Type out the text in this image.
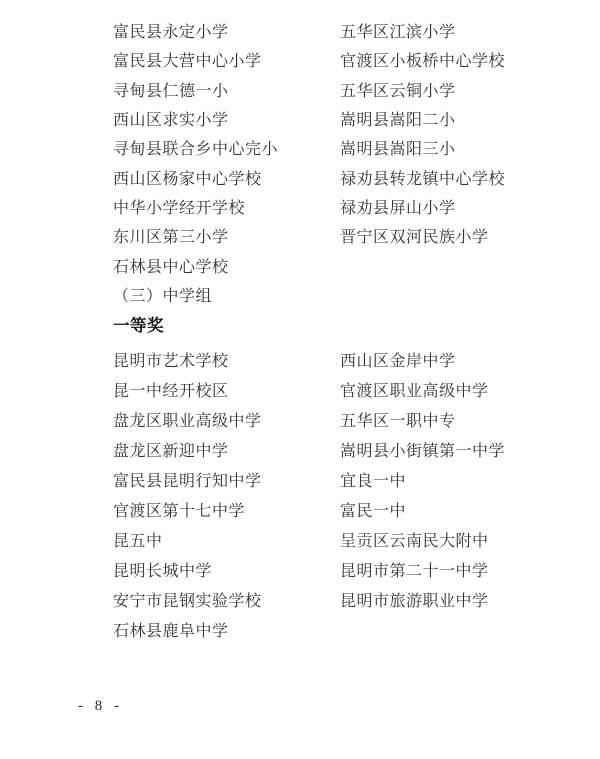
富民县永定小学	五华区江滨小学
富民县大营中心小学	官渡区小板桥中心学校
寻甸县仁德一小	五华区云铜小学
西山区求实小学	嵩明县嵩阳二小
寻甸县联合乡中心完小	嵩明县嵩阳三小
西山区杨家中心学校	禄劝县转龙镇中心学校
中华小学经开学校	禄劝县屏山小学
东川区第三小学	晋宁区双河民族小学
石林县中心学校
（三）中学组
一等奖
昆明市艺术学校	西山区金岸中学
昆一中经开校区	官渡区职业高级中学
盘龙区职业高级中学	五华区一职中专
盘龙区新迎中学	嵩明县小街镇第一中学
富民县昆明行知中学	宜良一中
官渡区第十七中学	富民一中
昆五中	呈贡区云南民大附中
昆明长城中学	昆明市第二十一中学
安宁市昆钢实验学校	昆明市旅游职业中学
石林县鹿阜中学
- 8 -
